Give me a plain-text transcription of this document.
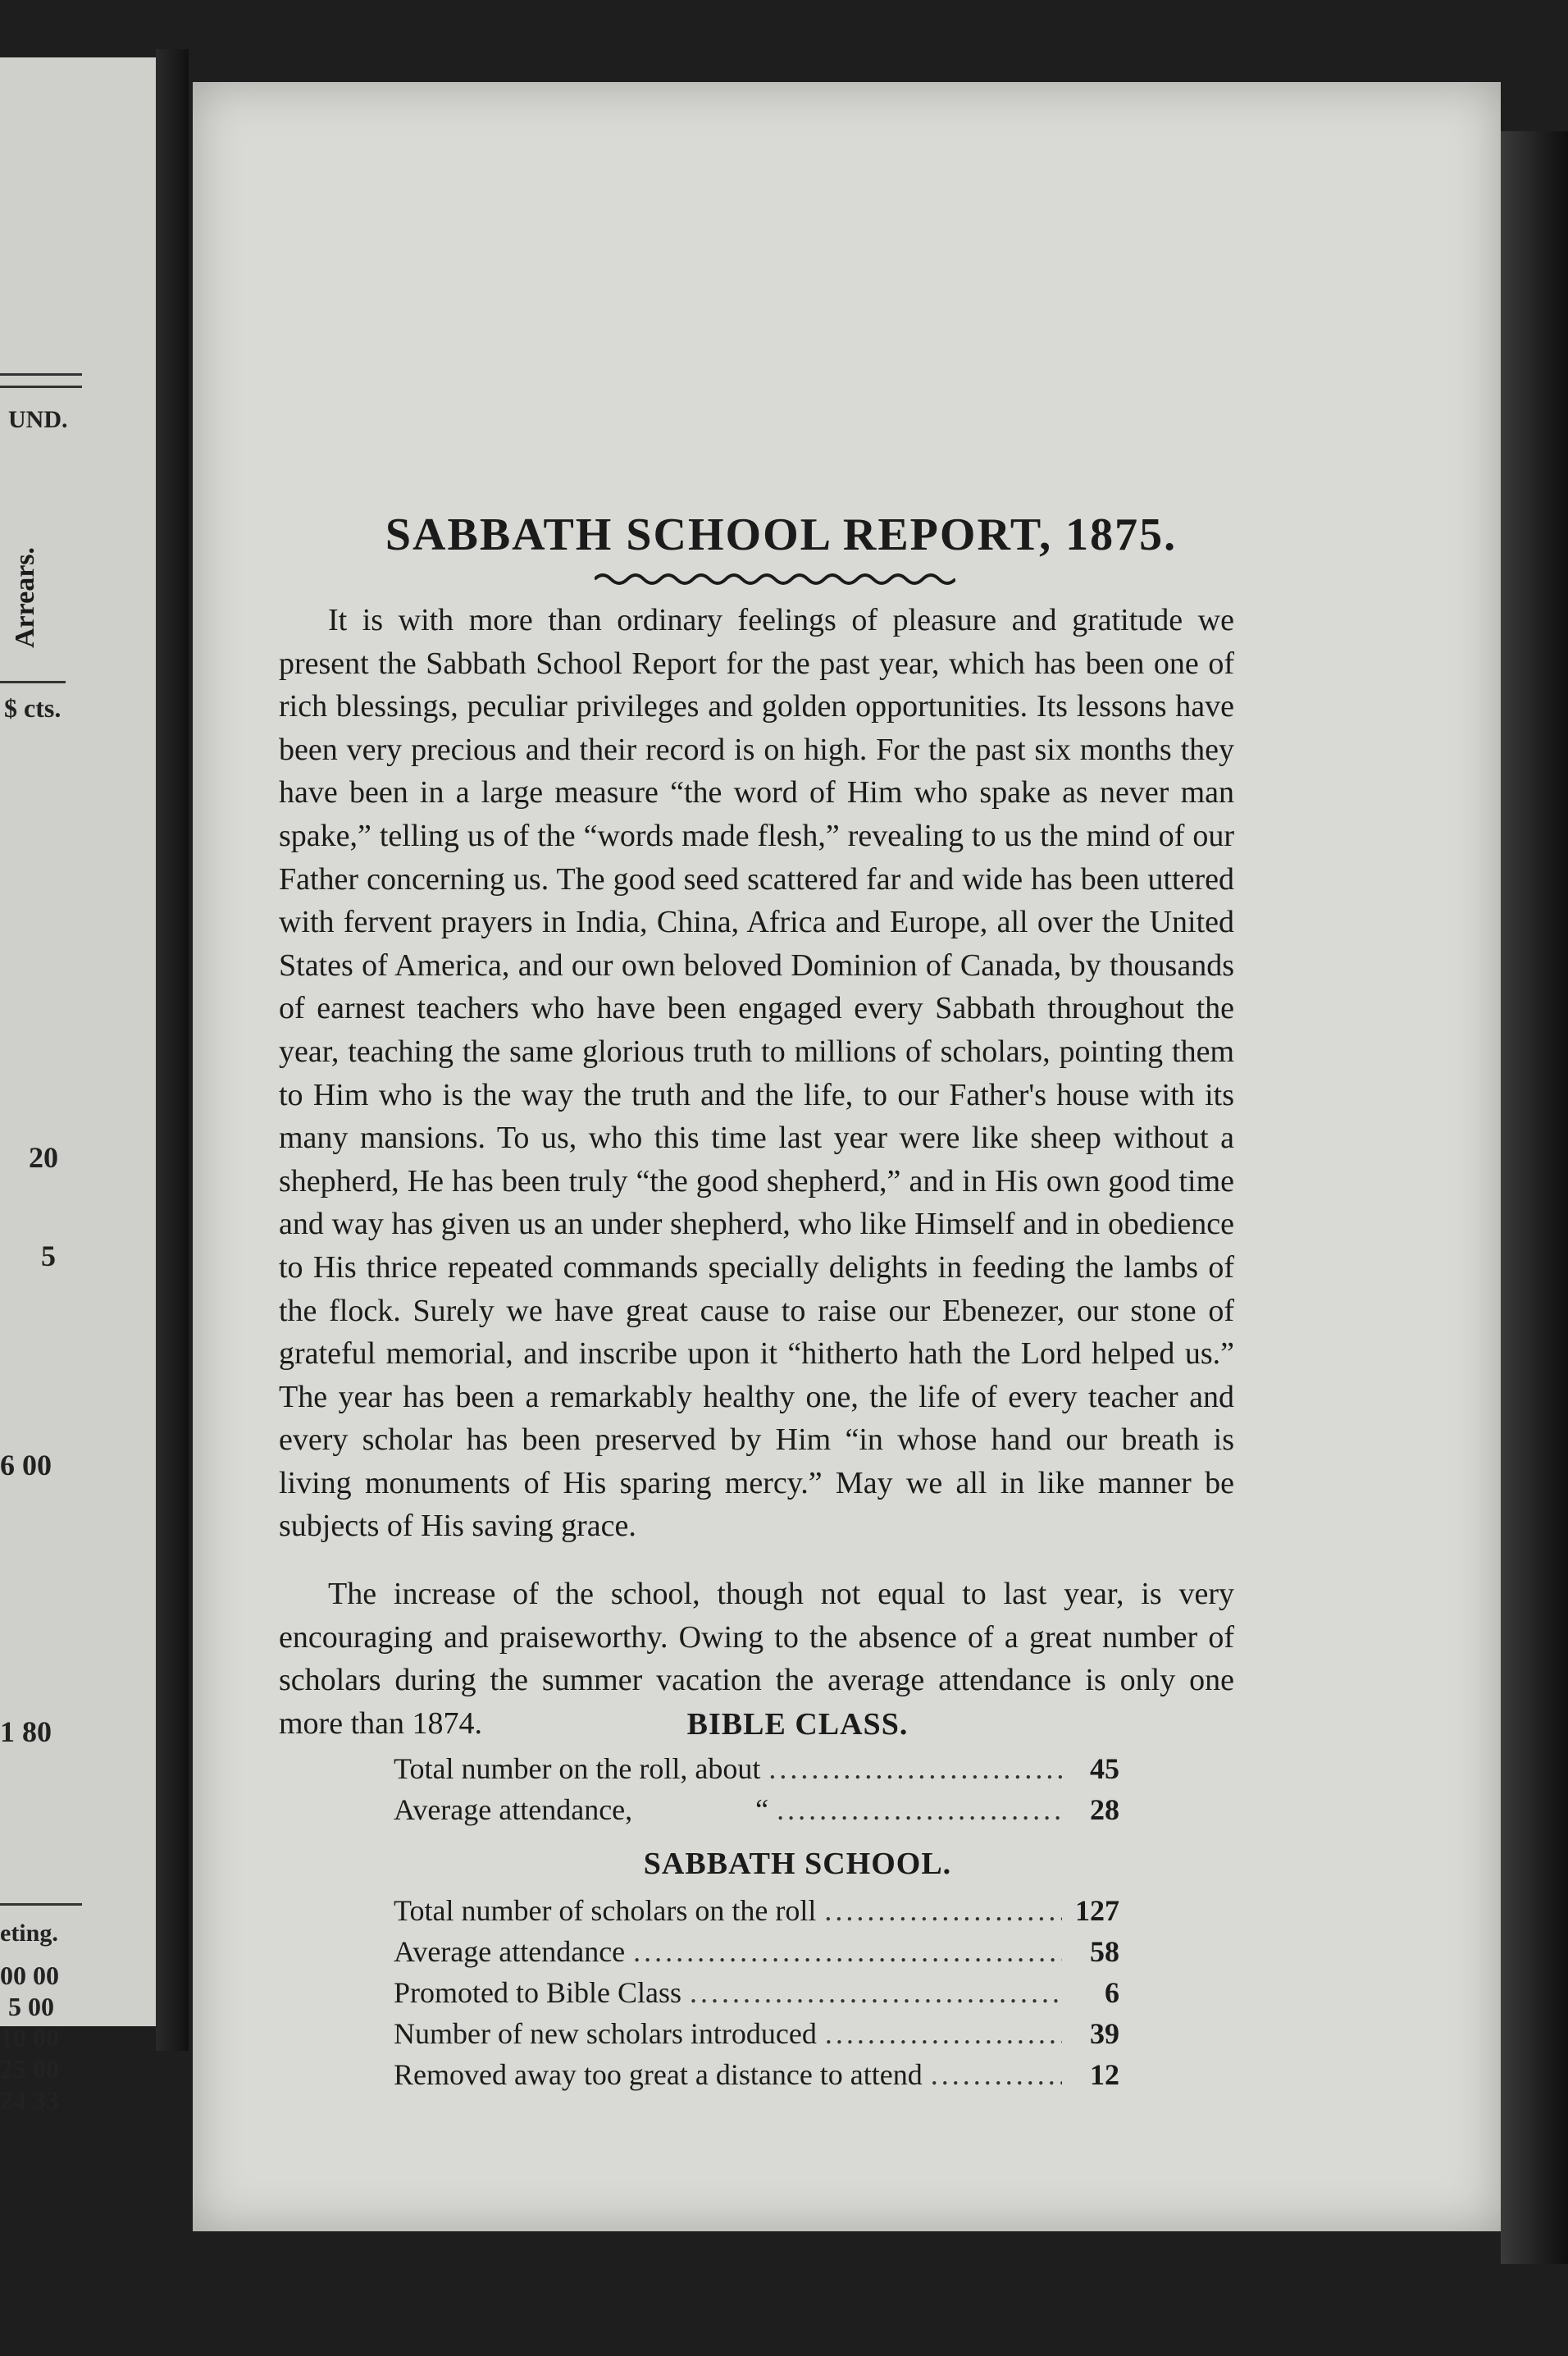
UND.
Arrears.
$ cts.
20
5
6 00
1 80
eting.
00 00
5 00
10 00
25 00
24 33
SABBATH SCHOOL REPORT, 1875.

It is with more than ordinary feelings of pleasure and gratitude we present the Sabbath School Report for the past year, which has been one of rich blessings, peculiar privileges and golden opportunities. Its lessons have been very precious and their record is on high. For the past six months they have been in a large measure “the word of Him who spake as never man spake,” telling us of the “words made flesh,” revealing to us the mind of our Father concerning us. The good seed scattered far and wide has been uttered with fervent prayers in India, China, Africa and Europe, all over the United States of America, and our own beloved Dominion of Canada, by thousands of earnest teachers who have been engaged every Sabbath throughout the year, teaching the same glorious truth to millions of scholars, pointing them to Him who is the way the truth and the life, to our Father's house with its many mansions. To us, who this time last year were like sheep without a shepherd, He has been truly “the good shepherd,” and in His own good time and way has given us an under shepherd, who like Himself and in obedience to His thrice repeated commands specially delights in feeding the lambs of the flock. Surely we have great cause to raise our Ebenezer, our stone of grateful memorial, and inscribe upon it “hitherto hath the Lord helped us.” The year has been a remarkably healthy one, the life of every teacher and every scholar has been preserved by Him “in whose hand our breath is living monuments of His sparing mercy.” May we all in like manner be subjects of His saving grace.

The increase of the school, though not equal to last year, is very encouraging and praiseworthy. Owing to the absence of a great number of scholars during the summer vacation the average attendance is only one more than 1874.	BIBLE CLASS.
Total number on the roll, about .....	45
Average attendance,	“ .....	28
SABBATH SCHOOL.
Total number of scholars on the roll .....	127
Average attendance .....	58
Promoted to Bible Class .....	6
Number of new scholars introduced .....	39
Removed away too great a distance to attend .....	12
